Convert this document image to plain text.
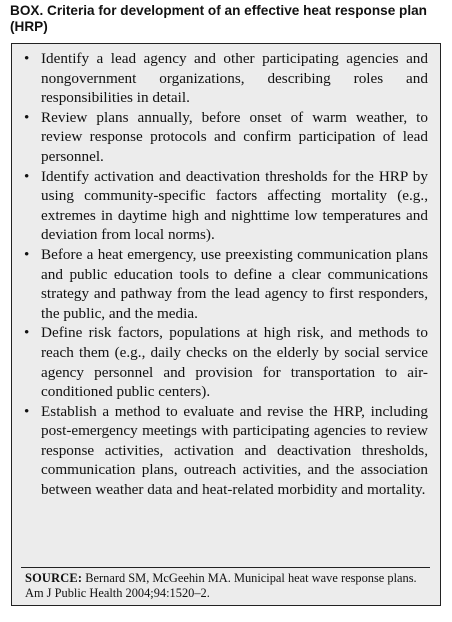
BOX. Criteria for development of an effective heat response plan (HRP)
• Identify a lead agency and other participating agencies and nongovernment organizations, describing roles and responsibilities in detail.
• Review plans annually, before onset of warm weather, to review response protocols and confirm participation of lead personnel.
• Identify activation and deactivation thresholds for the HRP by using community-specific factors affecting mortality (e.g., extremes in daytime high and nighttime low temperatures and deviation from local norms).
• Before a heat emergency, use preexisting communication plans and public education tools to define a clear communications strategy and pathway from the lead agency to first responders, the public, and the media.
• Define risk factors, populations at high risk, and methods to reach them (e.g., daily checks on the elderly by social service agency personnel and provision for transportation to air-conditioned public centers).
• Establish a method to evaluate and revise the HRP, including post-emergency meetings with participating agencies to review response activities, activation and deactivation thresholds, communication plans, outreach activities, and the association between weather data and heat-related morbidity and mortality.
SOURCE: Bernard SM, McGeehin MA. Municipal heat wave response plans. Am J Public Health 2004;94:1520–2.
